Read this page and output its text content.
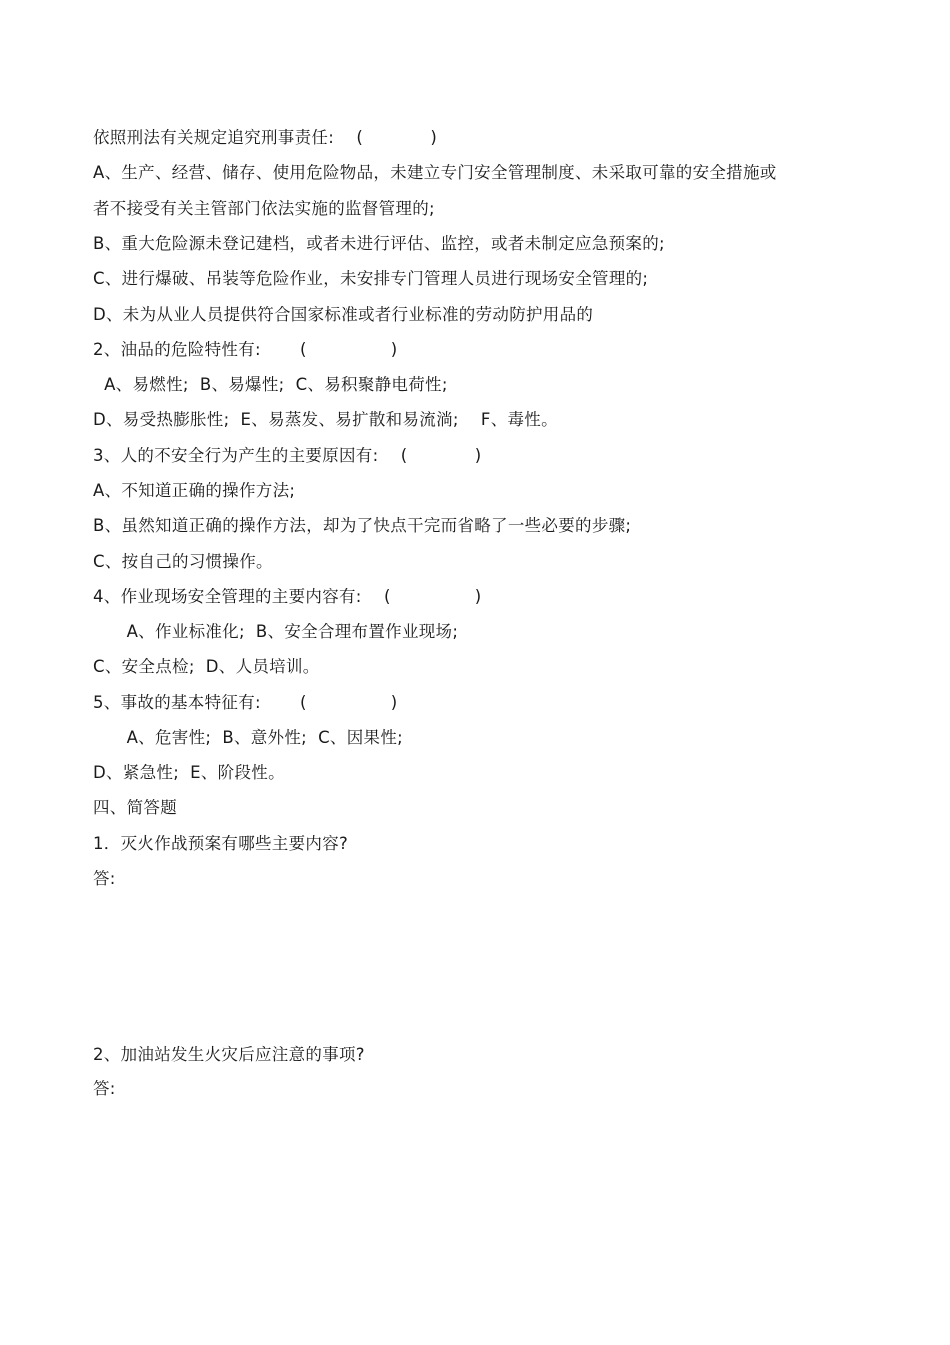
依照刑法有关规定追究刑事责任:　 (　　　　)
A、生产、经营、储存、使用危险物品，未建立专门安全管理制度、未采取可靠的安全措施或
者不接受有关主管部门依法实施的监督管理的;
B、重大危险源未登记建档，或者未进行评估、监控，或者未制定应急预案的;
C、进行爆破、吊装等危险作业，未安排专门管理人员进行现场安全管理的;
D、未为从业人员提供符合国家标准或者行业标准的劳动防护用品的
2、油品的危险特性有:　　 (　　　　　)
A、易燃性;  B、易爆性;  C、易积聚静电荷性;
D、易受热膨胀性;  E、易蒸发、易扩散和易流淌;    F、毒性。
3、人的不安全行为产生的主要原因有:　 (　　　　)
A、不知道正确的操作方法;
B、虽然知道正确的操作方法，却为了快点干完而省略了一些必要的步骤;
C、按自己的习惯操作。
4、作业现场安全管理的主要内容有:　 (　　　　　)
　　A、作业标准化;  B、安全合理布置作业现场;
C、安全点检;  D、人员培训。
5、事故的基本特征有:　　 (　　　　　)
　　A、危害性;  B、意外性;  C、因果性;
D、紧急性;  E、阶段性。
四、简答题
1．灭火作战预案有哪些主要内容?
答:
2、加油站发生火灾后应注意的事项?
答:
